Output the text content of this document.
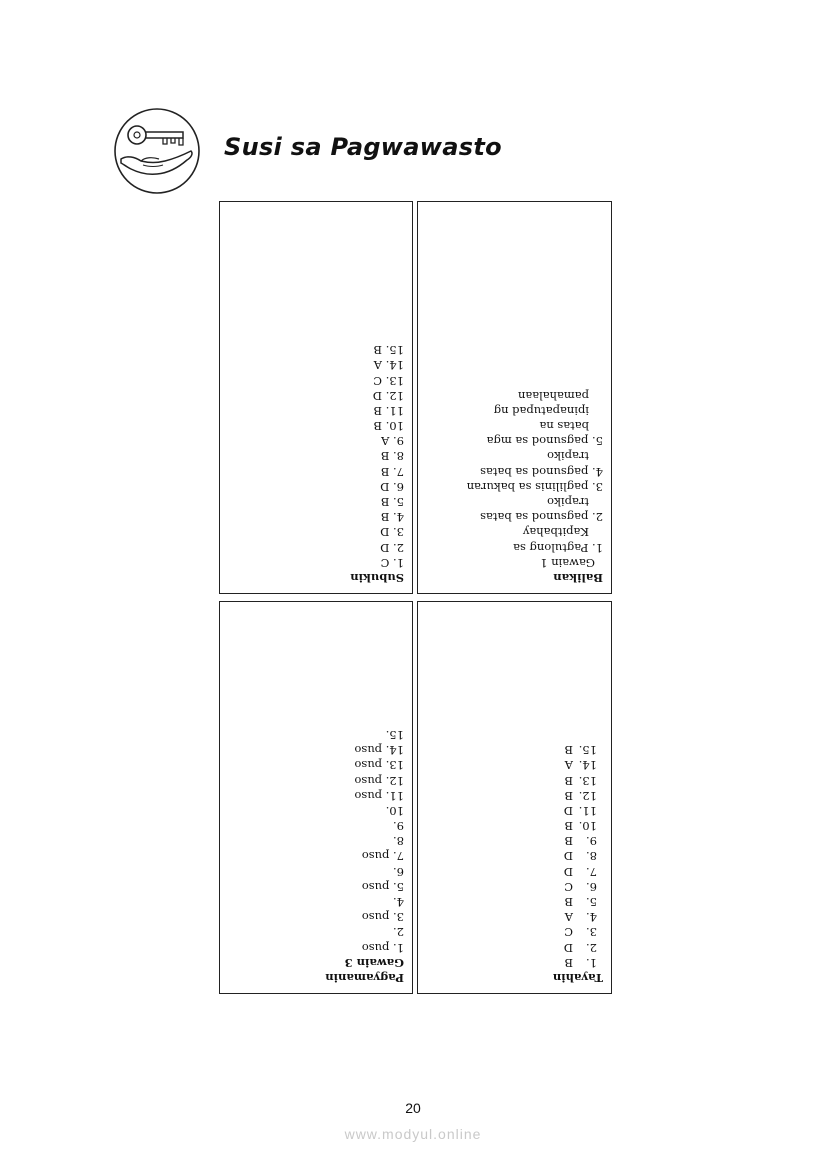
Susi sa Pagwawasto
Subukin
1. C
2. D
3. D
4. B
5. B
6. D
7. B
8. B
9. A
10. B
11. B
12. D
13. C
14. A
15. B
Balikan
Gawain 1
1. Pagtulong sa
Kapitbahay
2. pagsunod sa batas
trapiko
3. paglilinis sa bakuran
4. pagsunod sa batas
trapiko
5. pagsunod sa mga
batas na
ipinapatupad ng
pamahalaan
Pagyamanin
Gawain 3
1. puso
2.
3. puso
4.
5. puso
6.
7. puso
8.
9.
10.
11. puso
12. puso
13. puso
14. puso
15.
Tayahin
1.B
2.D
3.C
4.A
5.B
6.C
7.D
8.D
9.B
10.B
11.D
12.B
13.B
14.A
15.B
20
www.modyul.online
